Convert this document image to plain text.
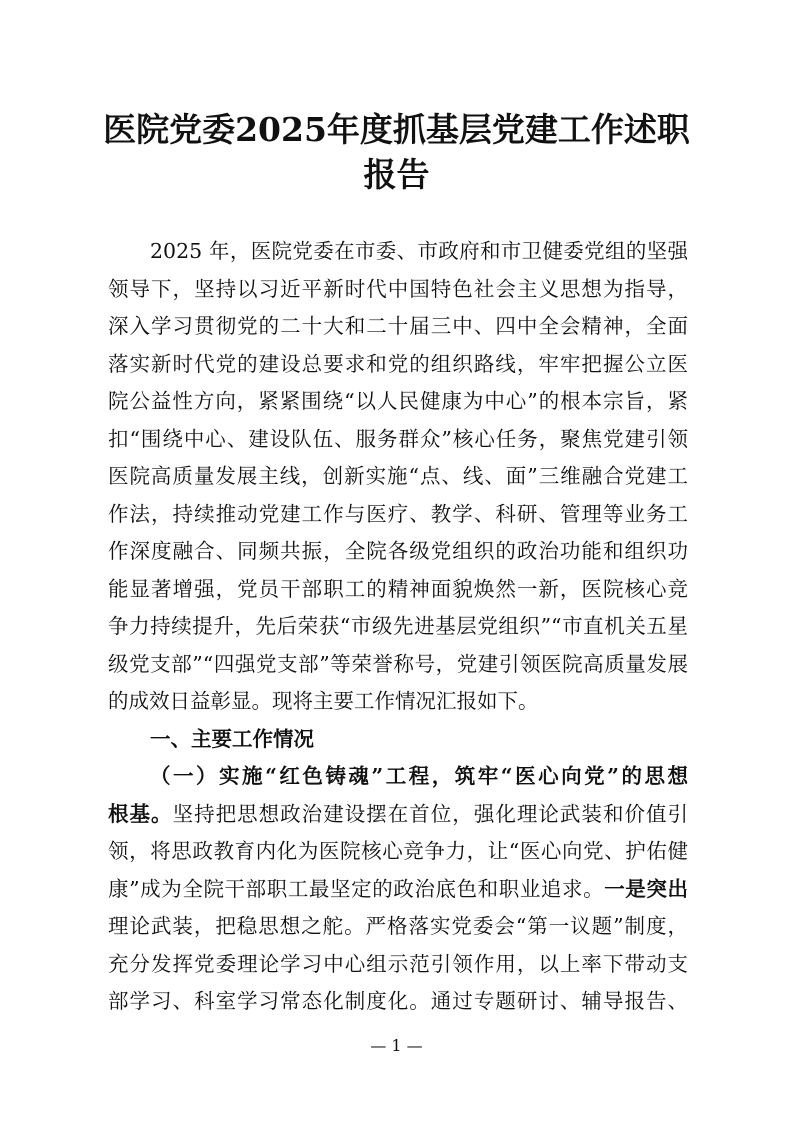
医院党委2025年度抓基层党建工作述职
报告
2025 年，医院党委在市委、市政府和市卫健委党组的坚强
领导下，坚持以习近平新时代中国特色社会主义思想为指导，
深入学习贯彻党的二十大和二十届三中、四中全会精神，全面
落实新时代党的建设总要求和党的组织路线，牢牢把握公立医
院公益性方向，紧紧围绕“以人民健康为中心”的根本宗旨，紧
扣“围绕中心、建设队伍、服务群众”核心任务，聚焦党建引领
医院高质量发展主线，创新实施“点、线、面”三维融合党建工
作法，持续推动党建工作与医疗、教学、科研、管理等业务工
作深度融合、同频共振，全院各级党组织的政治功能和组织功
能显著增强，党员干部职工的精神面貌焕然一新，医院核心竞
争力持续提升，先后荣获“市级先进基层党组织”“市直机关五星
级党支部”“四强党支部”等荣誉称号，党建引领医院高质量发展
的成效日益彰显。现将主要工作情况汇报如下。
一、主要工作情况
（一）实施“红色铸魂”工程，筑牢“医心向党”的思想
根基。坚持把思想政治建设摆在首位，强化理论武装和价值引
领，将思政教育内化为医院核心竞争力，让“医心向党、护佑健
康”成为全院干部职工最坚定的政治底色和职业追求。一是突出
理论武装，把稳思想之舵。严格落实党委会“第一议题”制度，
充分发挥党委理论学习中心组示范引领作用，以上率下带动支
部学习、科室学习常态化制度化。通过专题研讨、辅导报告、
— 1 —
